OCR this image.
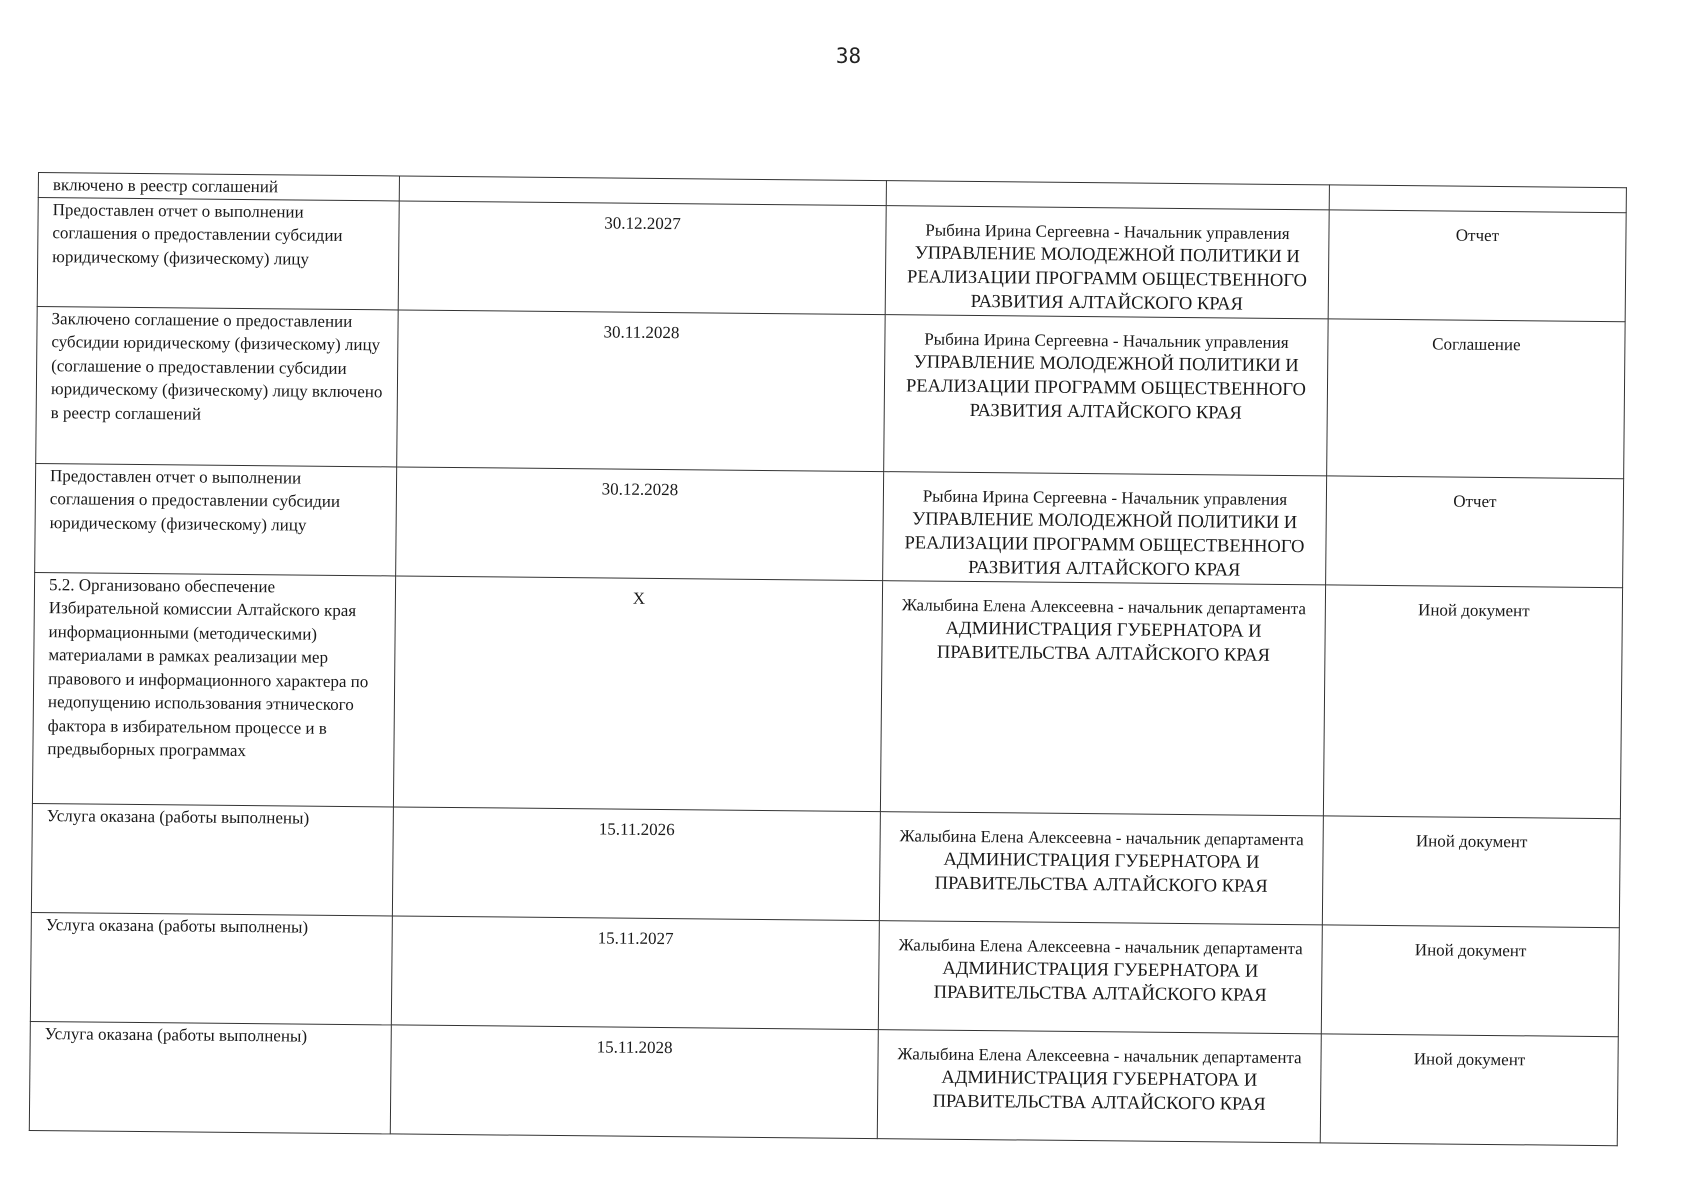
38
включено в реестр соглашений		

Предоставлен отчет о выполнении соглашения о предоставлении субсидии юридическому (физическому) лицу	30.12.2027	Рыбина Ирина Сергеевна - Начальник управления
УПРАВЛЕНИЕ МОЛОДЕЖНОЙ ПОЛИТИКИ И РЕАЛИЗАЦИИ ПРОГРАММ ОБЩЕСТВЕННОГО РАЗВИТИЯ АЛТАЙСКОГО КРАЯ	Отчет
Заключено соглашение о предоставлении субсидии юридическому (физическому) лицу (соглашение о предоставлении субсидии юридическому (физическому) лицу включено в реестр соглашений	30.11.2028	Рыбина Ирина Сергеевна - Начальник управления
УПРАВЛЕНИЕ МОЛОДЕЖНОЙ ПОЛИТИКИ И РЕАЛИЗАЦИИ ПРОГРАММ ОБЩЕСТВЕННОГО РАЗВИТИЯ АЛТАЙСКОГО КРАЯ	Соглашение
Предоставлен отчет о выполнении соглашения о предоставлении субсидии юридическому (физическому) лицу	30.12.2028	Рыбина Ирина Сергеевна - Начальник управления
УПРАВЛЕНИЕ МОЛОДЕЖНОЙ ПОЛИТИКИ И РЕАЛИЗАЦИИ ПРОГРАММ ОБЩЕСТВЕННОГО РАЗВИТИЯ АЛТАЙСКОГО КРАЯ	Отчет
5.2. Организовано обеспечение Избирательной комиссии Алтайского края информационными (методическими) материалами в рамках реализации мер правового и информационного характера по недопущению использования этнического фактора в избирательном процессе и в предвыборных программах	X	Жалыбина Елена Алексеевна - начальник департамента
АДМИНИСТРАЦИЯ ГУБЕРНАТОРА И ПРАВИТЕЛЬСТВА АЛТАЙСКОГО КРАЯ	Иной документ
Услуга оказана (работы выполнены)	15.11.2026	Жалыбина Елена Алексеевна - начальник департамента
АДМИНИСТРАЦИЯ ГУБЕРНАТОРА И ПРАВИТЕЛЬСТВА АЛТАЙСКОГО КРАЯ	Иной документ
Услуга оказана (работы выполнены)	15.11.2027	Жалыбина Елена Алексеевна - начальник департамента
АДМИНИСТРАЦИЯ ГУБЕРНАТОРА И ПРАВИТЕЛЬСТВА АЛТАЙСКОГО КРАЯ	Иной документ
Услуга оказана (работы выполнены)	15.11.2028	Жалыбина Елена Алексеевна - начальник департамента
АДМИНИСТРАЦИЯ ГУБЕРНАТОРА И ПРАВИТЕЛЬСТВА АЛТАЙСКОГО КРАЯ	Иной документ
